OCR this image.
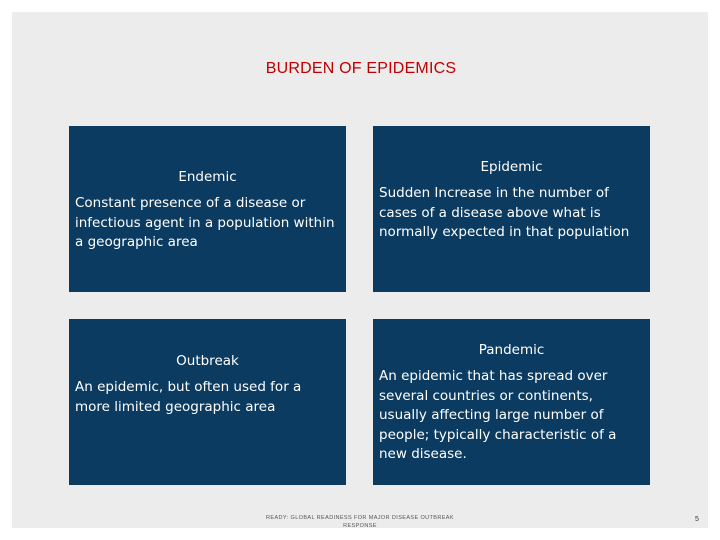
BURDEN OF EPIDEMICS
Endemic
Constant presence of a disease or infectious agent in a population within a geographic area
Epidemic
Sudden Increase in the number of cases of a disease above what is normally expected in that population
Outbreak
An epidemic, but often used for a more limited geographic area
Pandemic
An epidemic that has spread over several countries or continents, usually affecting large number of people; typically characteristic of a new disease.
READY: GLOBAL READINESS FOR MAJOR DISEASE OUTBREAK RESPONSE
5
